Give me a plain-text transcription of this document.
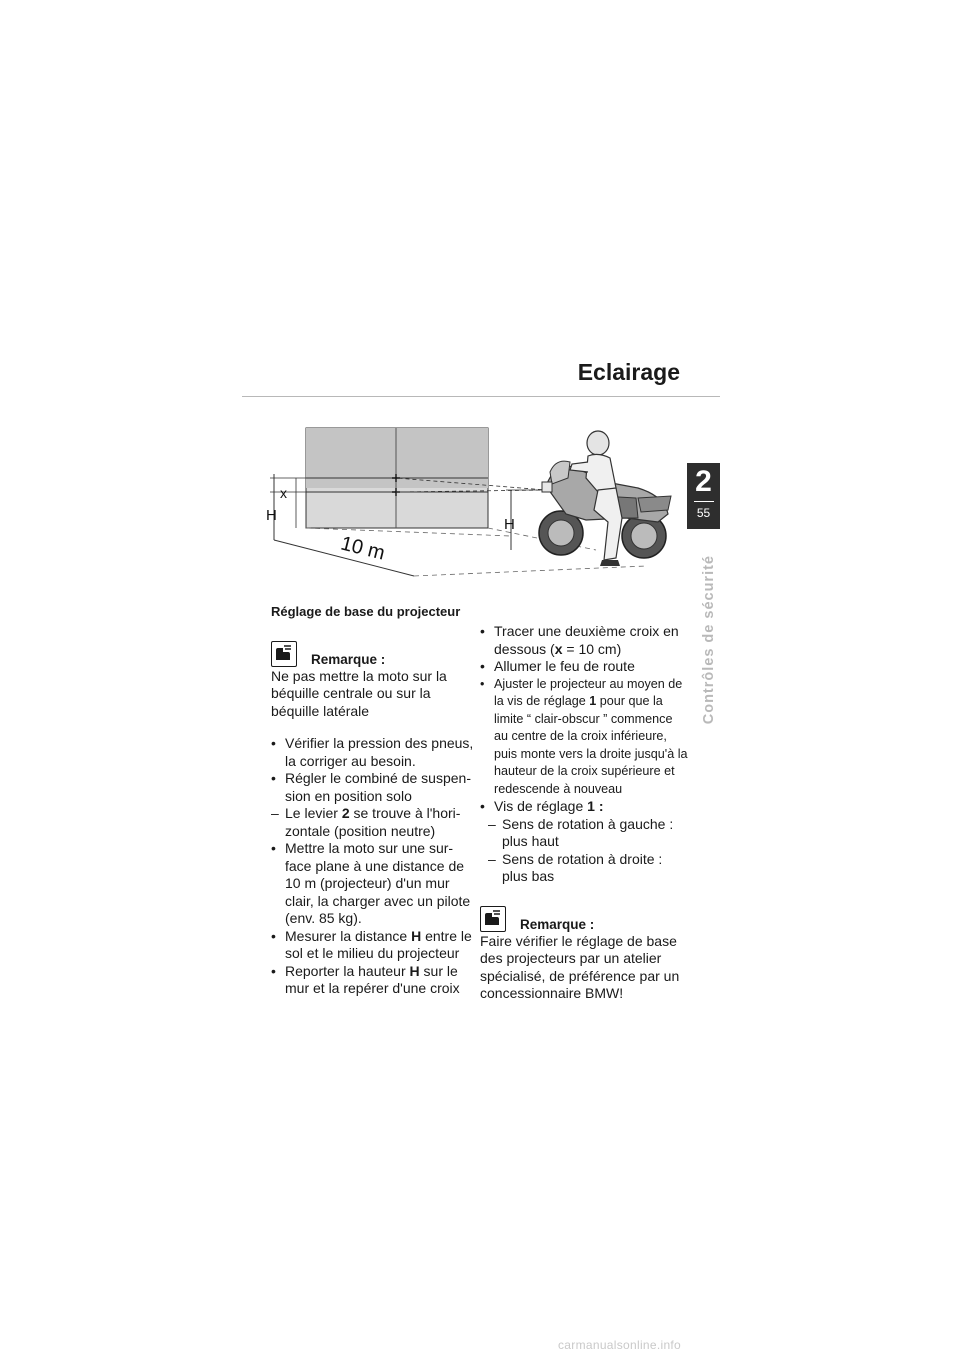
Eclairage
2
55
Contrôles de sécurité
x
H
H
10 m
Réglage de base du projecteur
Remarque :
Ne pas mettre la moto sur la béquille centrale ou sur la béquille latérale
• Vérifier la pression des pneus, la corriger au besoin.
• Régler le combiné de suspen-sion en position solo
– Le levier 2 se trouve à l'hori-zontale (position neutre)
• Mettre la moto sur une sur-face plane à une distance de 10 m (projecteur) d'un mur clair, la charger avec un pilote (env. 85 kg).
• Mesurer la distance H entre le sol et le milieu du projecteur
• Reporter la hauteur H sur le mur et la repérer d'une croix
• Tracer une deuxième croix en dessous (x = 10 cm)
• Allumer le feu de route
• Ajuster le projecteur au moyen de la vis de réglage 1 pour que la limite “ clair-obscur ” commence au centre de la croix inférieure, puis monte vers la droite jusqu'à la hauteur de la croix supérieure et redescende à nouveau
• Vis de réglage 1 :
– Sens de rotation à gauche : plus haut
– Sens de rotation à droite : plus bas
Remarque :
Faire vérifier le réglage de base des projecteurs par un atelier spécialisé, de préférence par un concessionnaire BMW!
carmanualsonline.info
